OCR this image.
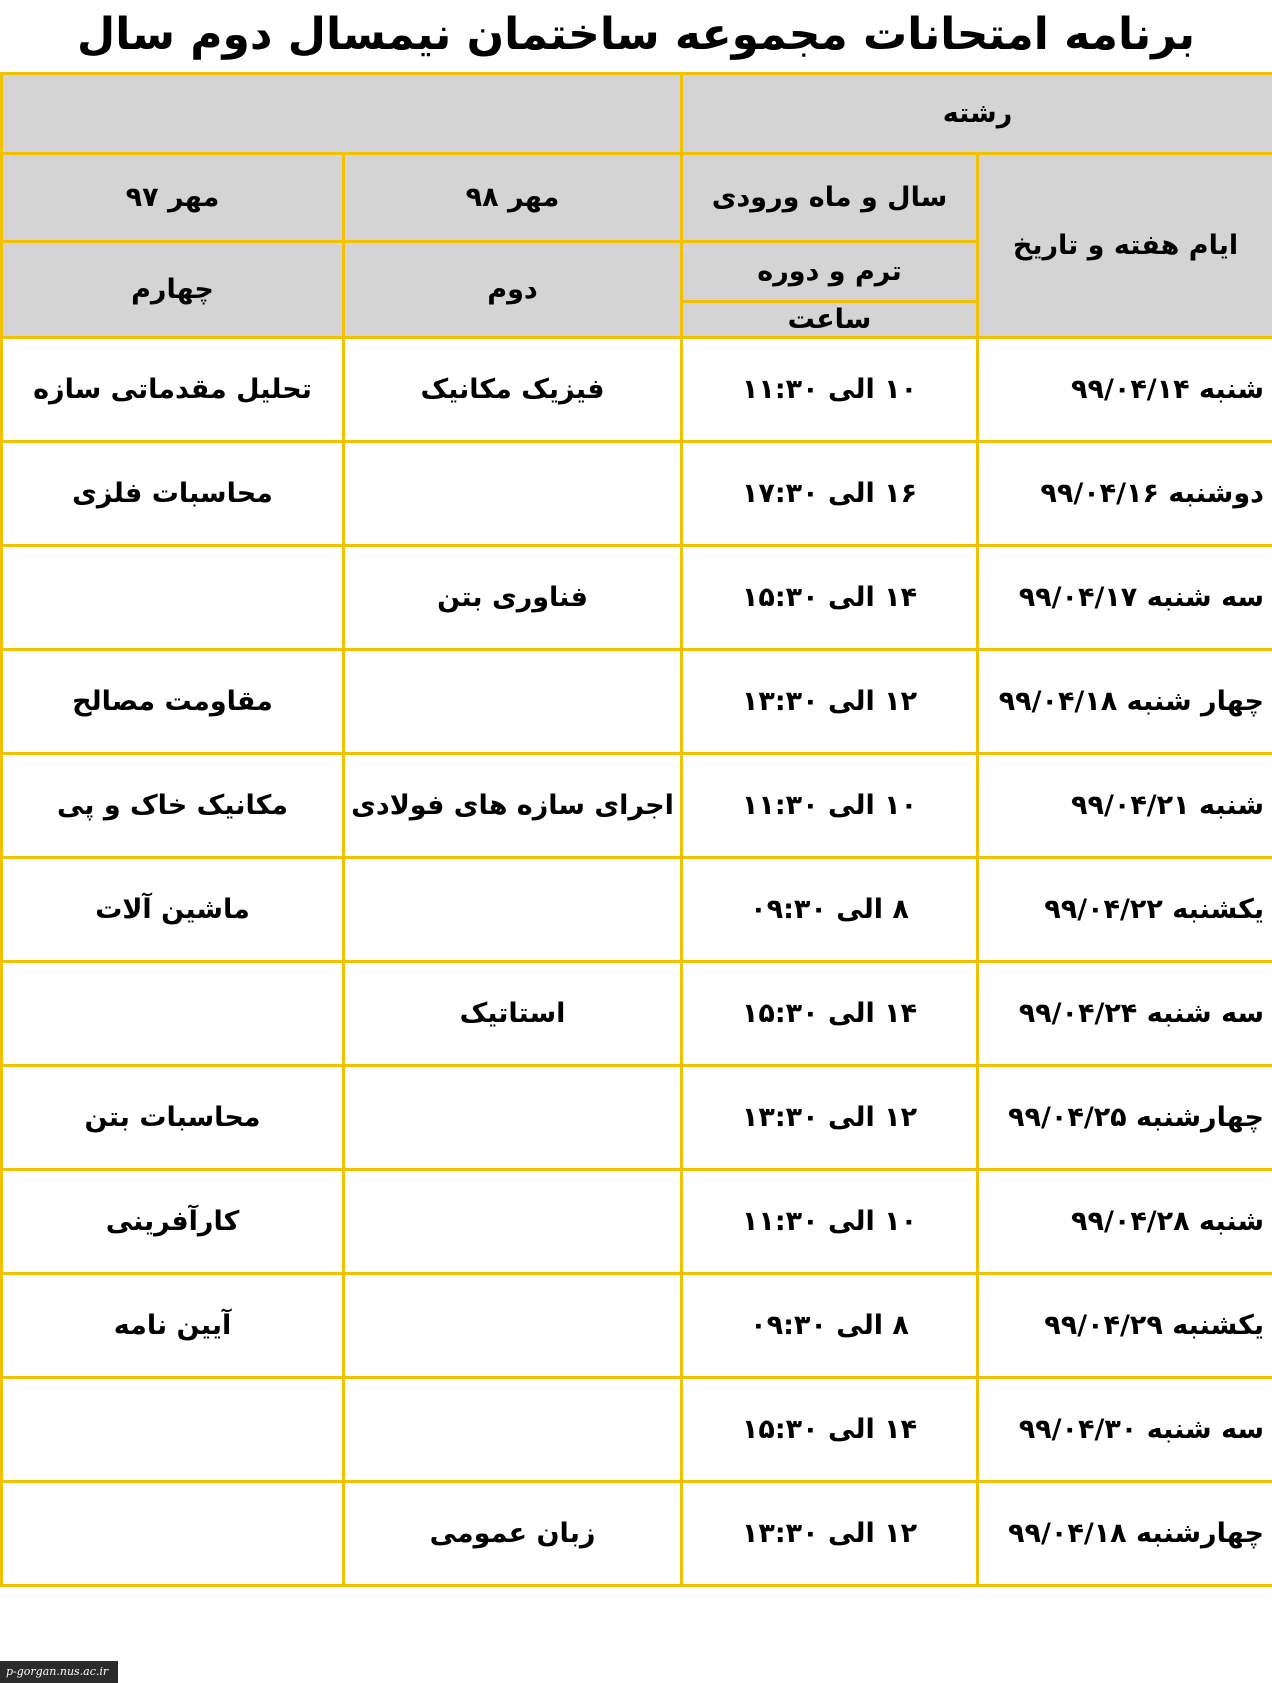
برنامه امتحانات مجموعه ساختمان نیمسال دوم سال
رشته			
ایام هفته و تاریخ	سال و ماه ورودی	مهر ۹۸	مهر ۹۷
	ترم و دوره	دوم	چهارم
	ساعت		
شنبه ۹۹/۰۴/۱۴	۱۰ الی ۱۱:۳۰	فیزیک مکانیک	تحلیل مقدماتی سازه
دوشنبه ۹۹/۰۴/۱۶	۱۶ الی ۱۷:۳۰		محاسبات فلزی
سه شنبه ۹۹/۰۴/۱۷	۱۴ الی ۱۵:۳۰	فناوری بتن	
چهار شنبه ۹۹/۰۴/۱۸	۱۲ الی ۱۳:۳۰		مقاومت مصالح
شنبه ۹۹/۰۴/۲۱	۱۰ الی ۱۱:۳۰	اجرای سازه های فولادی	مکانیک خاک و پی
یکشنبه ۹۹/۰۴/۲۲	۸ الی ۰۹:۳۰		ماشین آلات
سه شنبه ۹۹/۰۴/۲۴	۱۴ الی ۱۵:۳۰	استاتیک	
چهارشنبه ۹۹/۰۴/۲۵	۱۲ الی ۱۳:۳۰		محاسبات بتن
شنبه ۹۹/۰۴/۲۸	۱۰ الی ۱۱:۳۰		کارآفرینی
یکشنبه ۹۹/۰۴/۲۹	۸ الی ۰۹:۳۰		آیین نامه
سه شنبه ۹۹/۰۴/۳۰	۱۴ الی ۱۵:۳۰		
چهارشنبه ۹۹/۰۴/۱۸	۱۲ الی ۱۳:۳۰	زبان عمومی	
p-gorgan.nus.ac.ir
